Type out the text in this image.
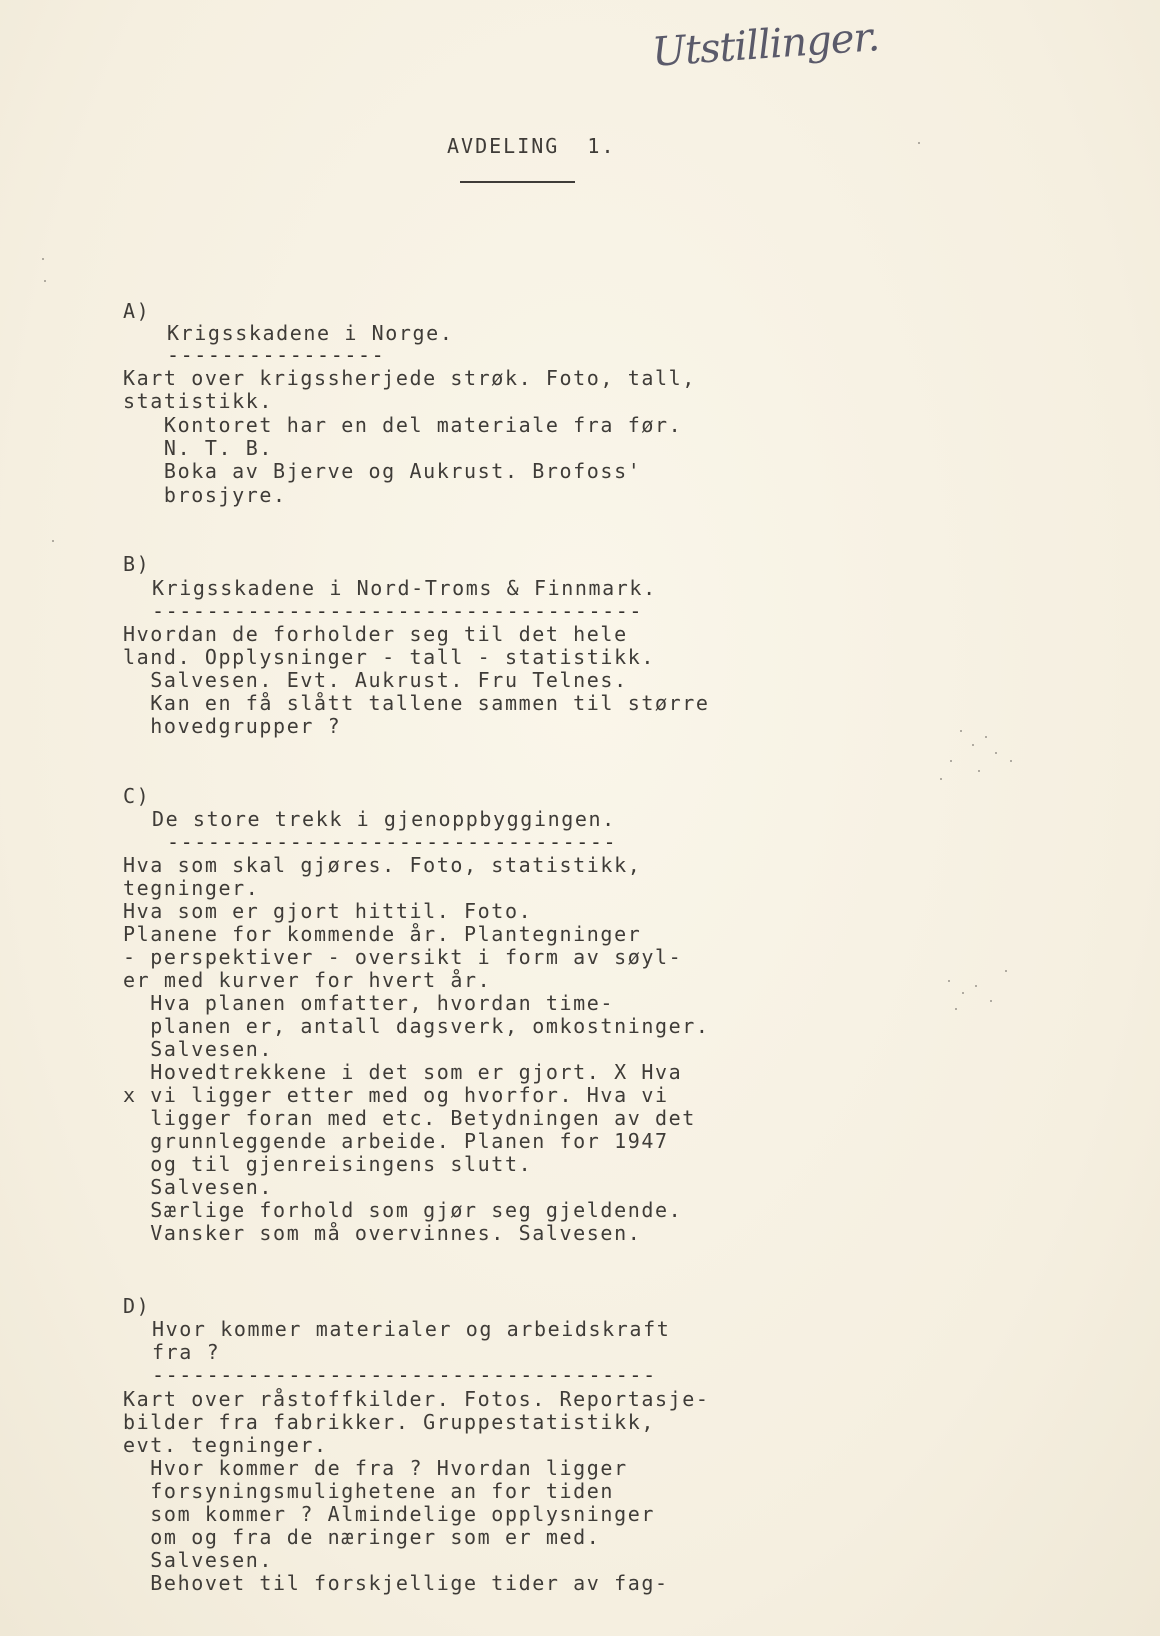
Utstillinger.
AVDELING  1.
A)
Krigsskadene i Norge.
----------------
Kart over krigssherjede strøk. Foto, tall,
statistikk.
Kontoret har en del materiale fra før.
N. T. B.
Boka av Bjerve og Aukrust. Brofoss'
brosjyre.
B)
Krigsskadene i Nord-Troms & Finnmark.
------------------------------------
Hvordan de forholder seg til det hele
land. Opplysninger - tall - statistikk.
Salvesen. Evt. Aukrust. Fru Telnes.
Kan en få slått tallene sammen til større
hovedgrupper ?
C)
De store trekk i gjenoppbyggingen.
---------------------------------
Hva som skal gjøres. Foto, statistikk,
tegninger.
Hva som er gjort hittil. Foto.
Planene for kommende år. Plantegninger
- perspektiver - oversikt i form av søyl-
er med kurver for hvert år.
Hva planen omfatter, hvordan time-
planen er, antall dagsverk, omkostninger.
Salvesen.
Hovedtrekkene i det som er gjort. X Hva
x vi ligger etter med og hvorfor. Hva vi
ligger foran med etc. Betydningen av det
grunnleggende arbeide. Planen for 1947
og til gjenreisingens slutt.
Salvesen.
Særlige forhold som gjør seg gjeldende.
Vansker som må overvinnes. Salvesen.
D)
Hvor kommer materialer og arbeidskraft
fra ?
-------------------------------------
Kart over råstoffkilder. Fotos. Reportasje-
bilder fra fabrikker. Gruppestatistikk,
evt. tegninger.
Hvor kommer de fra ? Hvordan ligger
forsyningsmulighetene an for tiden
som kommer ? Almindelige opplysninger
om og fra de næringer som er med.
Salvesen.
Behovet til forskjellige tider av fag-
